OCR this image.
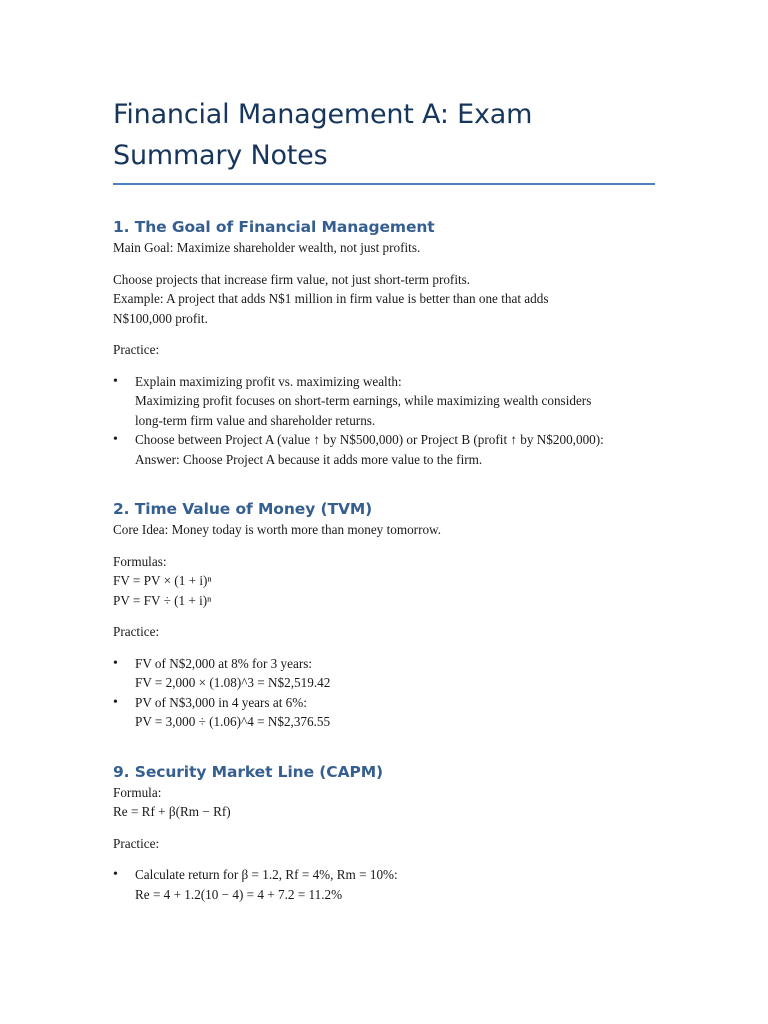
Financial Management A: Exam
Summary Notes
1. The Goal of Financial Management

Main Goal: Maximize shareholder wealth, not just profits.

Choose projects that increase firm value, not just short-term profits.
Example: A project that adds N$1 million in firm value is better than one that adds
N$100,000 profit.

Practice:

• Explain maximizing profit vs. maximizing wealth:
Maximizing profit focuses on short-term earnings, while maximizing wealth considers
long-term firm value and shareholder returns.
• Choose between Project A (value ↑ by N$500,000) or Project B (profit ↑ by N$200,000):
Answer: Choose Project A because it adds more value to the firm.
2. Time Value of Money (TVM)

Core Idea: Money today is worth more than money tomorrow.

Formulas:
FV = PV × (1 + i)ⁿ
PV = FV ÷ (1 + i)ⁿ

Practice:

• FV of N$2,000 at 8% for 3 years:
FV = 2,000 × (1.08)^3 = N$2,519.42
• PV of N$3,000 in 4 years at 6%:
PV = 3,000 ÷ (1.06)^4 = N$2,376.55
9. Security Market Line (CAPM)

Formula:
Re = Rf + β(Rm − Rf)

Practice:

• Calculate return for β = 1.2, Rf = 4%, Rm = 10%:
Re = 4 + 1.2(10 − 4) = 4 + 7.2 = 11.2%
